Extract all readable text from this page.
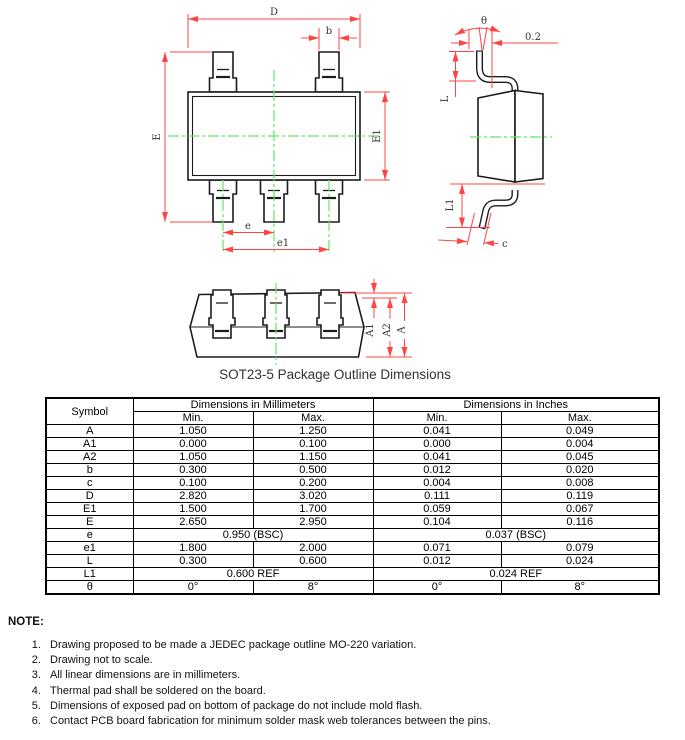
D
b
E	E1
e
e1
θ
0.2
L
L1
c
A1 A2 A
SOT23-5 Package Outline Dimensions
Symbol	Dimensions in Millimeters		Dimensions in Inches	
	Min.	Max.	Min.	Max.
A	1.050	1.250	0.041	0.049
A1	0.000	0.100	0.000	0.004
A2	1.050	1.150	0.041	0.045
b	0.300	0.500	0.012	0.020
c	0.100	0.200	0.004	0.008
D	2.820	3.020	0.111	0.119
E1	1.500	1.700	0.059	0.067
E	2.650	2.950	0.104	0.116
e	0.950 (BSC)		0.037 (BSC)	
e1	1.800	2.000	0.071	0.079
L	0.300	0.600	0.012	0.024
L1	0.600 REF		0.024 REF	
θ	0°	8°	0°	8°

NOTE:

1. Drawing proposed to be made a JEDEC package outline MO-220 variation.
2. Drawing not to scale.
3. All linear dimensions are in millimeters.
4. Thermal pad shall be soldered on the board.
5. Dimensions of exposed pad on bottom of package do not include mold flash.
6. Contact PCB board fabrication for minimum solder mask web tolerances between the pins.
